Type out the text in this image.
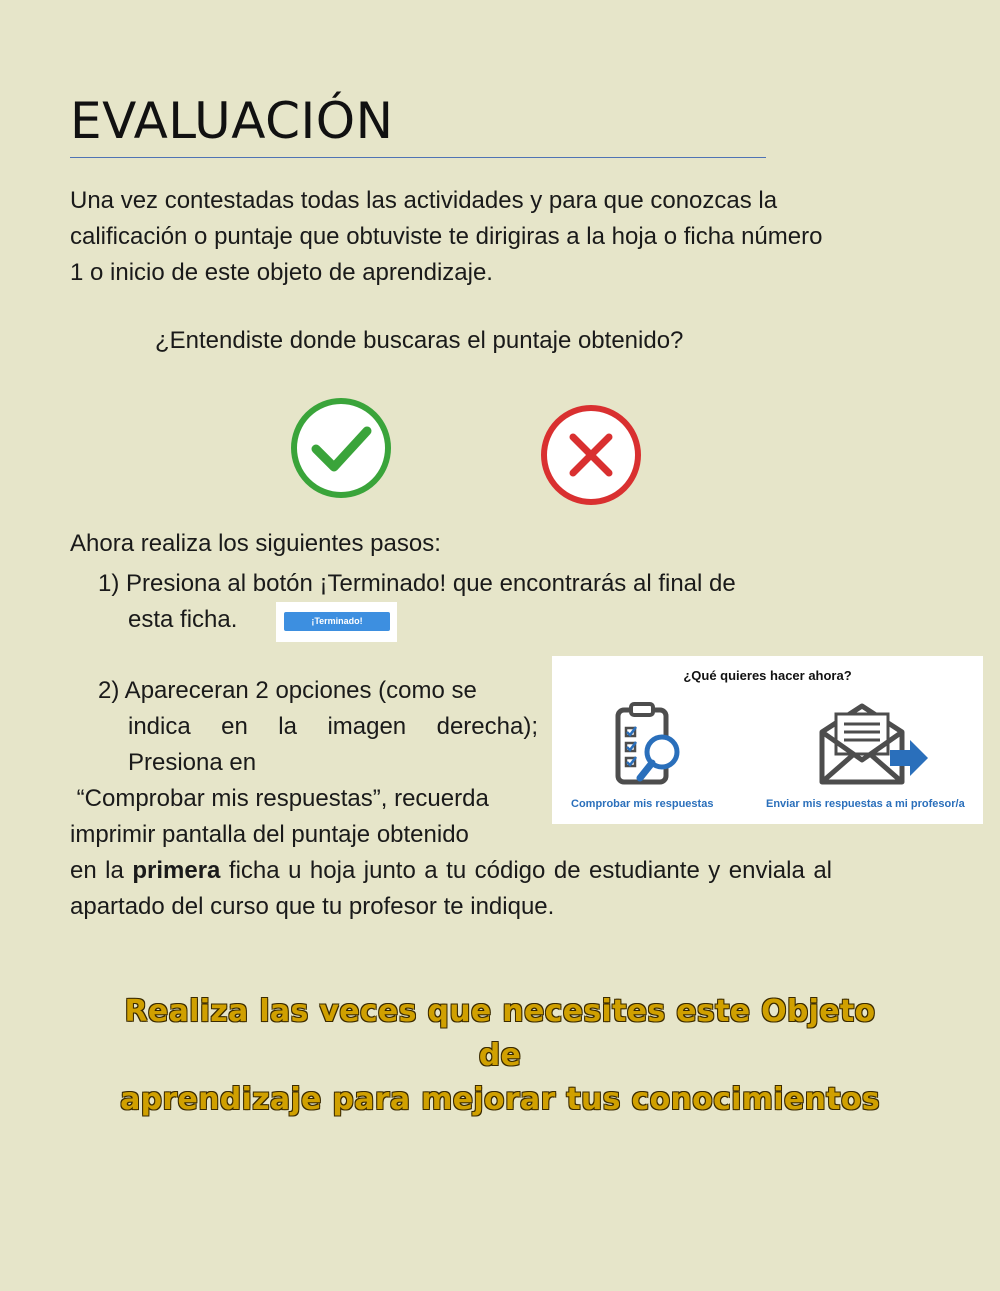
EVALUACIÓN
Una vez contestadas todas las actividades y para que conozcas la calificación o puntaje que obtuviste te dirigiras a la hoja o ficha número 1 o inicio de este objeto de aprendizaje.
¿Entendiste donde buscaras el puntaje obtenido?
Ahora realiza los siguientes pasos:
1) Presiona al botón ¡Terminado! que encontrarás al final de
esta ficha.	¡Terminado!
2) Apareceran 2 opciones (como se
indica en la imagen derecha);
Presiona en
“Comprobar mis respuestas”, recuerda
imprimir pantalla del puntaje obtenido
en la primera ficha u hoja junto a tu código de estudiante y enviala al apartado del curso que tu profesor te indique.
¿Qué quieres hacer ahora?
Comprobar mis respuestas	Enviar mis respuestas a mi profesor/a
Realiza las veces que necesites este Objeto de
aprendizaje para mejorar tus conocimientos
